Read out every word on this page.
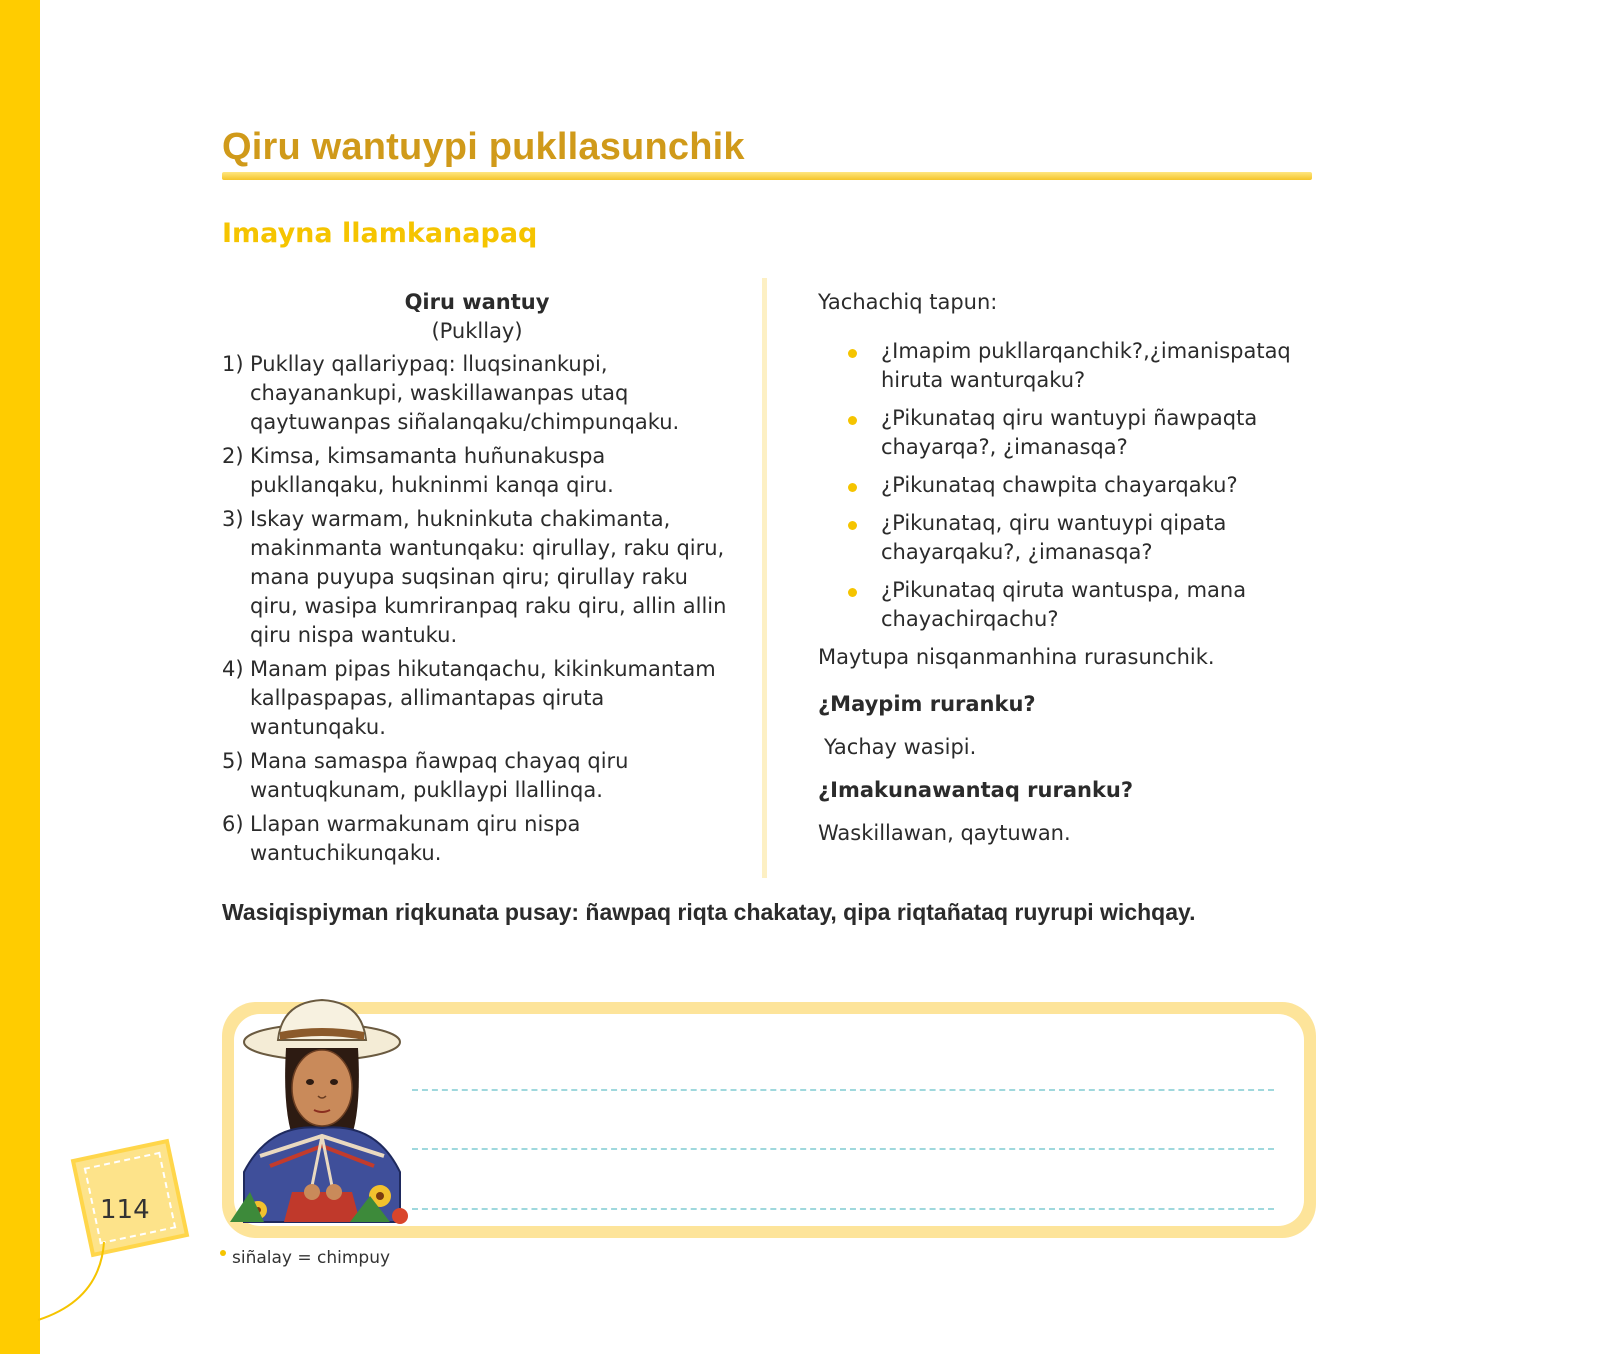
Qiru wantuypi pukllasunchik
Imayna llamkanapaq
Qiru wantuy
(Pukllay)
1) Pukllay qallariypaq: lluqsinankupi, chayanankupi, waskillawanpas utaq qaytuwanpas siñalanqaku/chimpunqaku.
2) Kimsa, kimsamanta huñunakuspa pukllanqaku, hukninmi kanqa qiru.
3) Iskay warmam, hukninkuta chakimanta, makinmanta wantunqaku: qirullay, raku qiru, mana puyupa suqsinan qiru; qirullay raku qiru, wasipa kumriranpaq raku qiru, allin allin qiru nispa wantuku.
4) Manam pipas hikutanqachu, kikinkumantam kallpaspapas, allimantapas qiruta wantunqaku.
5) Mana samaspa ñawpaq chayaq qiru wantuqkunam, pukllaypi llallinqa.
6) Llapan warmakunam qiru nispa wantuchikunqaku.
Yachachiq tapun:
¿Imapim pukllarqanchik?,¿imanispataq hiruta wanturqaku?
¿Pikunataq qiru wantuypi ñawpaqta chayarqa?, ¿imanasqa?
¿Pikunataq chawpita chayarqaku?
¿Pikunataq, qiru wantuypi qipata chayarqaku?, ¿imanasqa?
¿Pikunataq qiruta wantuspa, mana chayachirqachu?
Maytupa nisqanmanhina rurasunchik.
¿Maypim ruranku?
Yachay wasipi.
¿Imakunawantaq ruranku?
Waskillawan, qaytuwan.

Wasiqispiyman riqkunata pusay: ñawpaq riqta chakatay, qipa riqtañataq ruyrupi wichqay.

114
siñalay = chimpuy
